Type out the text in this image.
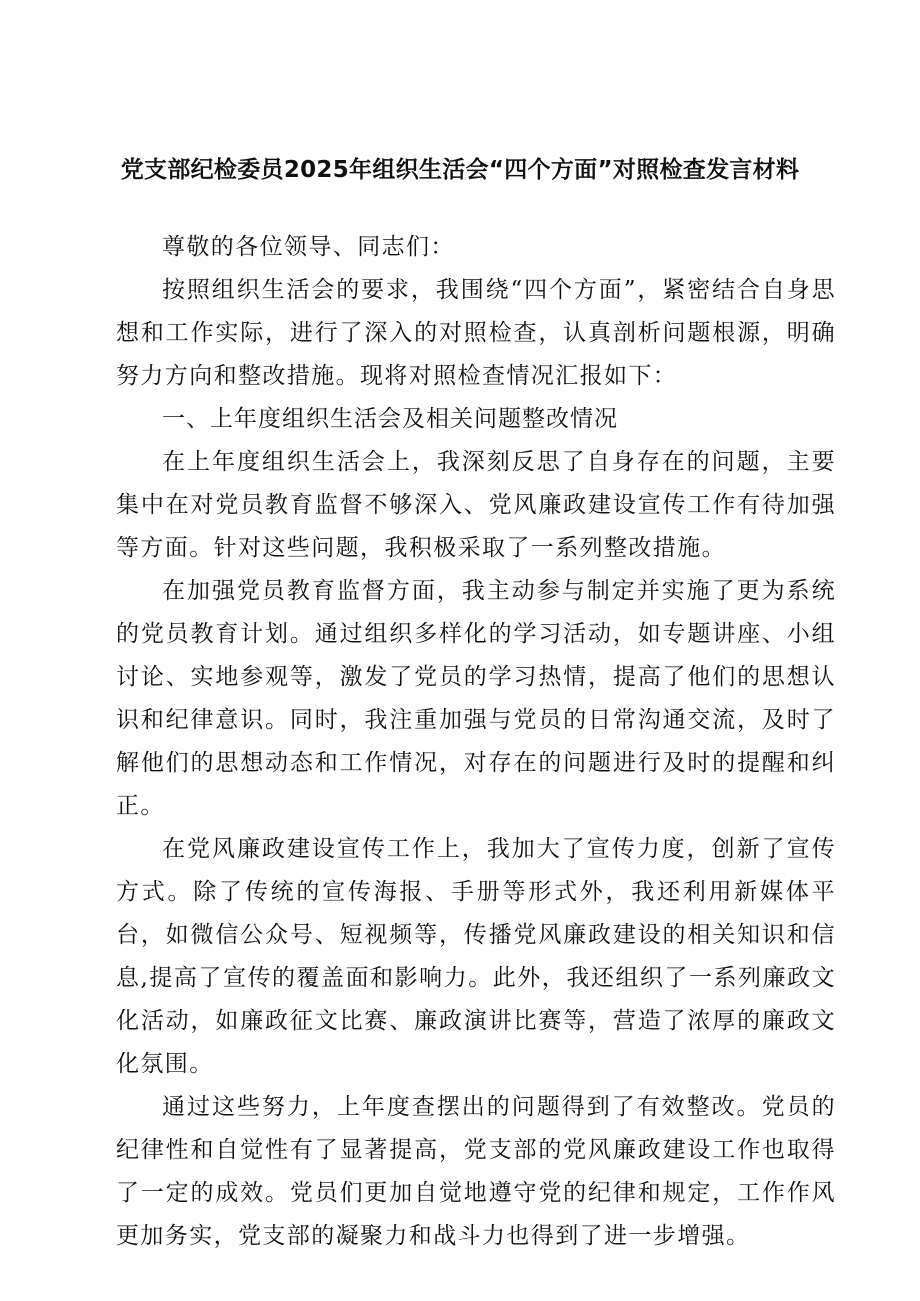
党支部纪检委员2025年组织生活会“四个方面”对照检查发言材料

尊敬的各位领导、同志们：

按照组织生活会的要求，我围绕“四个方面”，紧密结合自身思想和工作实际，进行了深入的对照检查，认真剖析问题根源，明确努力方向和整改措施。现将对照检查情况汇报如下：

一、上年度组织生活会及相关问题整改情况

在上年度组织生活会上，我深刻反思了自身存在的问题，主要集中在对党员教育监督不够深入、党风廉政建设宣传工作有待加强等方面。针对这些问题，我积极采取了一系列整改措施。

在加强党员教育监督方面，我主动参与制定并实施了更为系统的党员教育计划。通过组织多样化的学习活动，如专题讲座、小组讨论、实地参观等，激发了党员的学习热情，提高了他们的思想认识和纪律意识。同时，我注重加强与党员的日常沟通交流，及时了解他们的思想动态和工作情况，对存在的问题进行及时的提醒和纠正。

在党风廉政建设宣传工作上，我加大了宣传力度，创新了宣传方式。除了传统的宣传海报、手册等形式外，我还利用新媒体平台，如微信公众号、短视频等，传播党风廉政建设的相关知识和信息,提高了宣传的覆盖面和影响力。此外，我还组织了一系列廉政文化活动，如廉政征文比赛、廉政演讲比赛等，营造了浓厚的廉政文化氛围。

通过这些努力，上年度查摆出的问题得到了有效整改。党员的纪律性和自觉性有了显著提高，党支部的党风廉政建设工作也取得了一定的成效。党员们更加自觉地遵守党的纪律和规定，工作作风更加务实，党支部的凝聚力和战斗力也得到了进一步增强。
